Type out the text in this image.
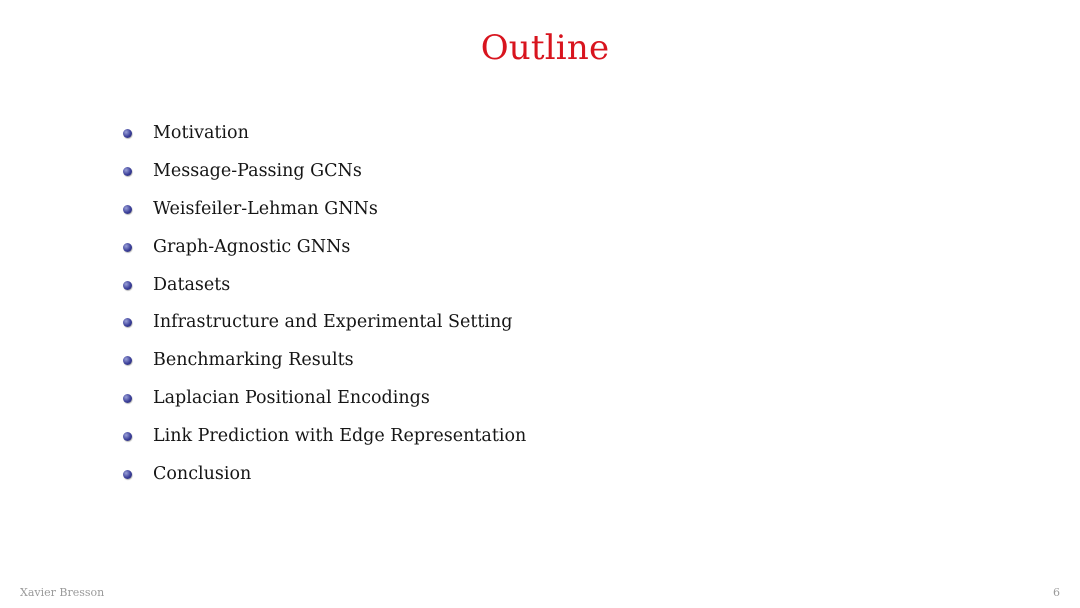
Outline
Motivation
Message-Passing GCNs
Weisfeiler-Lehman GNNs
Graph-Agnostic GNNs
Datasets
Infrastructure and Experimental Setting
Benchmarking Results
Laplacian Positional Encodings
Link Prediction with Edge Representation
Conclusion
Xavier Bresson	6
